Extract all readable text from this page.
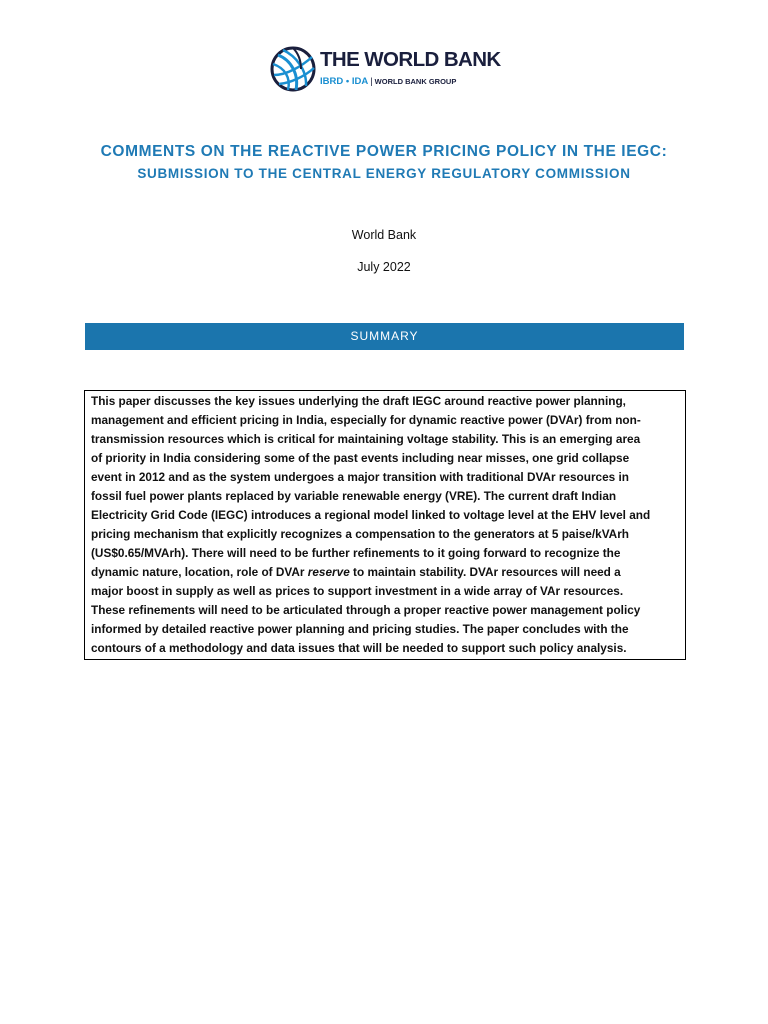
THE WORLD BANK
IBRD • IDA | WORLD BANK GROUP
COMMENTS ON THE REACTIVE POWER PRICING POLICY IN THE IEGC:
SUBMISSION TO THE CENTRAL ENERGY REGULATORY COMMISSION
World Bank
July 2022
SUMMARY
This paper discusses the key issues underlying the draft IEGC around reactive power planning,
management and efficient pricing in India, especially for dynamic reactive power (DVAr) from non-
transmission resources which is critical for maintaining voltage stability. This is an emerging area
of priority in India considering some of the past events including near misses, one grid collapse
event in 2012 and as the system undergoes a major transition with traditional DVAr resources in
fossil fuel power plants replaced by variable renewable energy (VRE). The current draft Indian
Electricity Grid Code (IEGC) introduces a regional model linked to voltage level at the EHV level and
pricing mechanism that explicitly recognizes a compensation to the generators at 5 paise/kVArh
(US$0.65/MVArh). There will need to be further refinements to it going forward to recognize the
dynamic nature, location, role of DVAr reserve to maintain stability. DVAr resources will need a
major boost in supply as well as prices to support investment in a wide array of VAr resources.
These refinements will need to be articulated through a proper reactive power management policy
informed by detailed reactive power planning and pricing studies. The paper concludes with the
contours of a methodology and data issues that will be needed to support such policy analysis.
